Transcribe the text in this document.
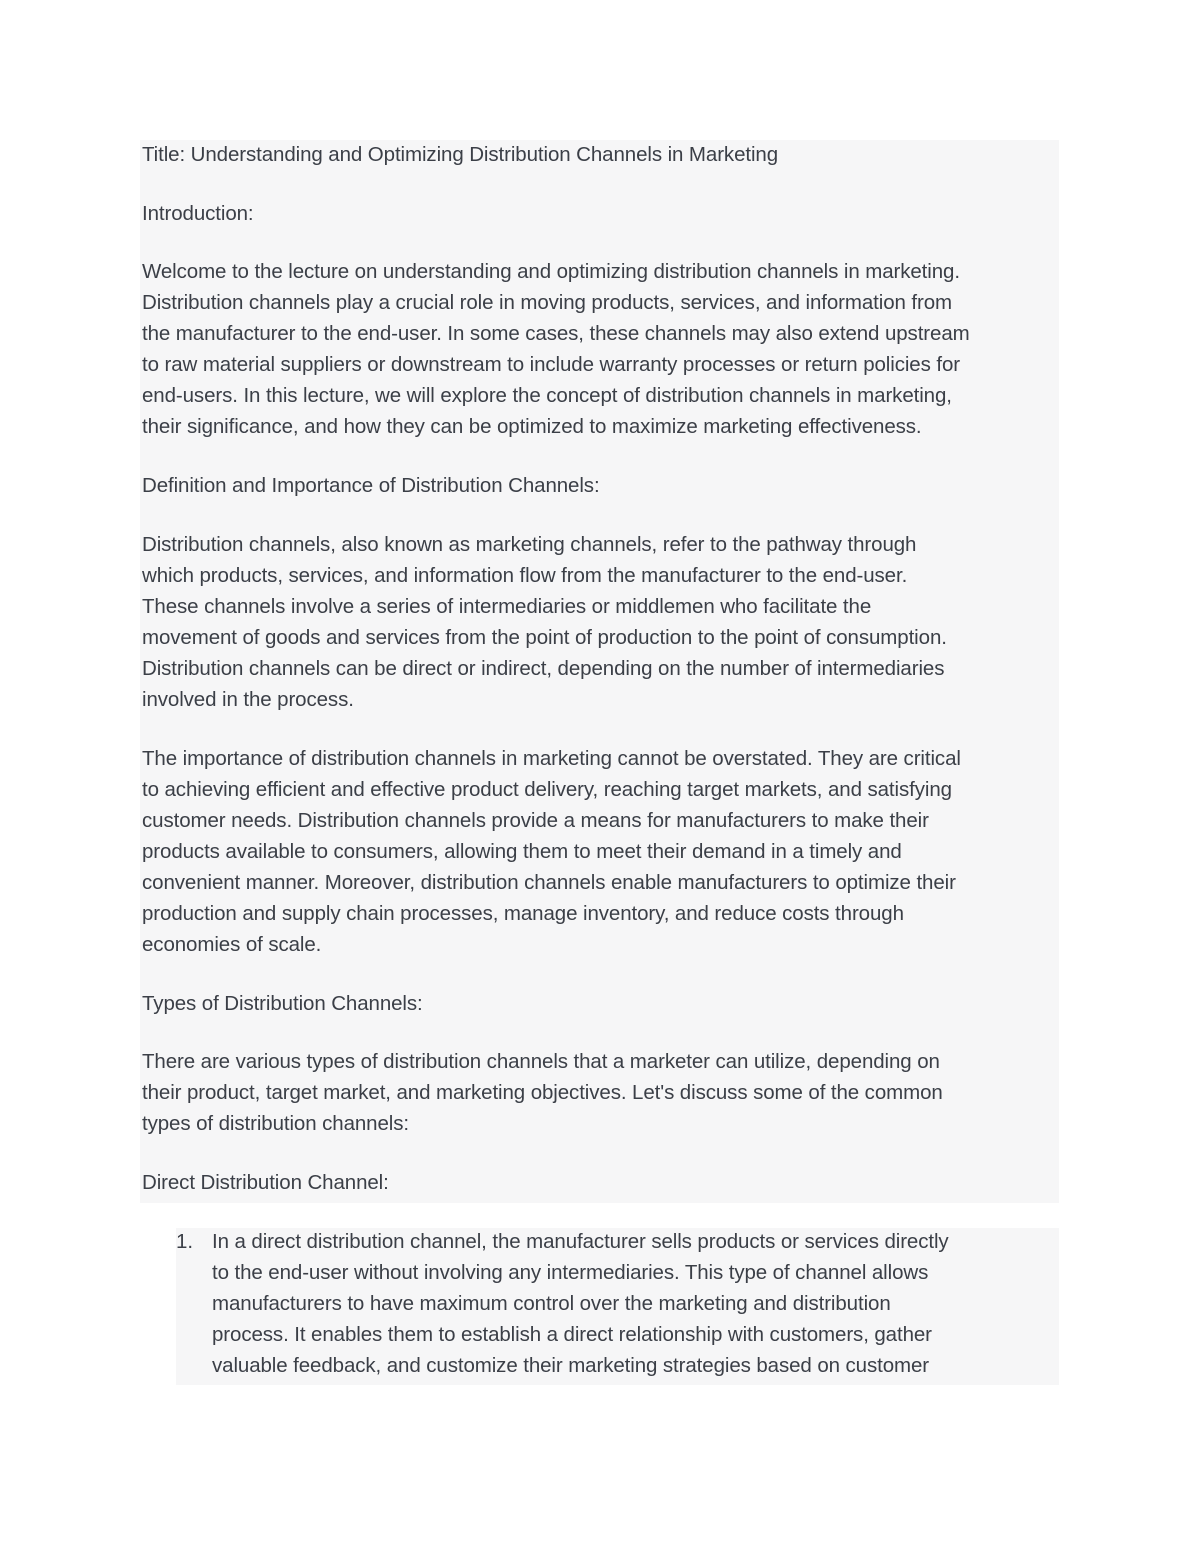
Title: Understanding and Optimizing Distribution Channels in Marketing
Introduction:
Welcome to the lecture on understanding and optimizing distribution channels in marketing.
Distribution channels play a crucial role in moving products, services, and information from
the manufacturer to the end-user. In some cases, these channels may also extend upstream
to raw material suppliers or downstream to include warranty processes or return policies for
end-users. In this lecture, we will explore the concept of distribution channels in marketing,
their significance, and how they can be optimized to maximize marketing effectiveness.
Definition and Importance of Distribution Channels:
Distribution channels, also known as marketing channels, refer to the pathway through
which products, services, and information flow from the manufacturer to the end-user.
These channels involve a series of intermediaries or middlemen who facilitate the
movement of goods and services from the point of production to the point of consumption.
Distribution channels can be direct or indirect, depending on the number of intermediaries
involved in the process.
The importance of distribution channels in marketing cannot be overstated. They are critical
to achieving efficient and effective product delivery, reaching target markets, and satisfying
customer needs. Distribution channels provide a means for manufacturers to make their
products available to consumers, allowing them to meet their demand in a timely and
convenient manner. Moreover, distribution channels enable manufacturers to optimize their
production and supply chain processes, manage inventory, and reduce costs through
economies of scale.
Types of Distribution Channels:
There are various types of distribution channels that a marketer can utilize, depending on
their product, target market, and marketing objectives. Let's discuss some of the common
types of distribution channels:
Direct Distribution Channel:
1. In a direct distribution channel, the manufacturer sells products or services directly
to the end-user without involving any intermediaries. This type of channel allows
manufacturers to have maximum control over the marketing and distribution
process. It enables them to establish a direct relationship with customers, gather
valuable feedback, and customize their marketing strategies based on customer
